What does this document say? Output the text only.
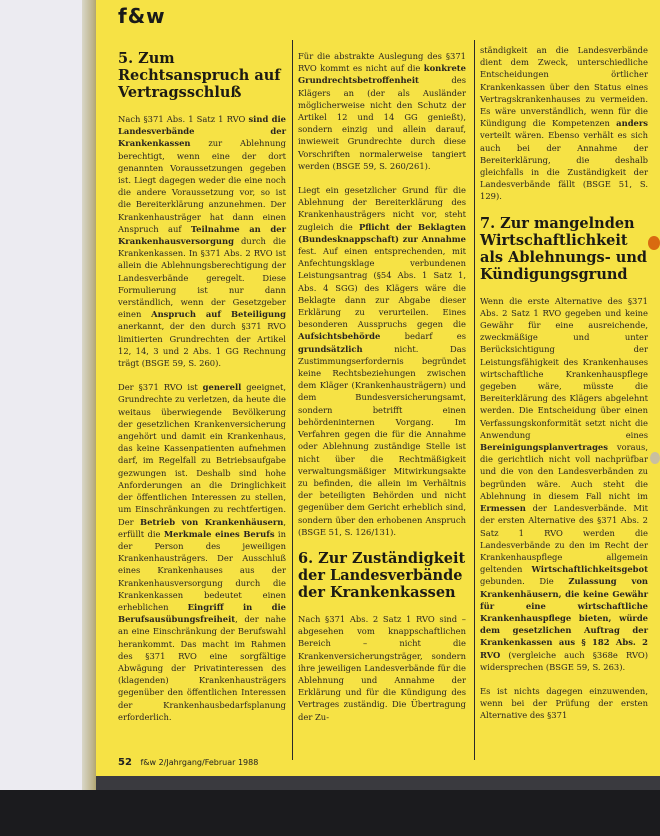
f&w
5. Zum Rechtsanspruch auf Vertragsschluß

Nach §371 Abs. 1 Satz 1 RVO sind die Landesverbände der Krankenkassen zur Ablehnung berechtigt, wenn eine der dort genannten Voraussetzungen gegeben ist. Liegt dagegen weder die eine noch die andere Voraussetzung vor, so ist die Bereiterklärung anzunehmen. Der Krankenhausträger hat dann einen Anspruch auf Teilnahme an der Krankenhausversorgung durch die Krankenkassen. In §371 Abs. 2 RVO ist allein die Ablehnungsberechtigung der Landesverbände geregelt. Diese Formulierung ist nur dann verständlich, wenn der Gesetzgeber einen Anspruch auf Beteiligung anerkannt, der den durch §371 RVO limitierten Grundrechten der Artikel 12, 14, 3 und 2 Abs. 1 GG Rechnung trägt (BSGE 59, S. 260).

Der §371 RVO ist generell geeignet, Grundrechte zu verletzen, da heute die weitaus überwiegende Bevölkerung der gesetzlichen Krankenversicherung angehört und damit ein Krankenhaus, das keine Kassenpatienten aufnehmen darf, im Regelfall zu Betriebsaufgabe gezwungen ist. Deshalb sind hohe Anforderungen an die Dringlichkeit der öffentlichen Interessen zu stellen, um Einschränkungen zu rechtfertigen. Der Betrieb von Krankenhäusern, erfüllt die Merkmale eines Berufs in der Person des jeweiligen Krankenhausträgers. Der Ausschluß eines Krankenhauses aus der Krankenhausversorgung durch die Krankenkassen bedeutet einen erheblichen Eingriff in die Berufsausübungsfreiheit, der nahe an eine Einschränkung der Berufswahl herankommt. Das macht im Rahmen des §371 RVO eine sorgfältige Abwägung der Privatinteressen des (klagenden) Krankenhausträgers gegenüber den öffentlichen Interessen der Krankenhausbedarfsplanung erforderlich.

Für die abstrakte Auslegung des §371 RVO kommt es nicht auf die konkrete Grundrechtsbetroffenheit des Klägers an (der als Ausländer möglicherweise nicht den Schutz der Artikel 12 und 14 GG genießt), sondern einzig und allein darauf, inwieweit Grundrechte durch diese Vorschriften normalerweise tangiert werden (BSGE 59, S. 260/261).

Liegt ein gesetzlicher Grund für die Ablehnung der Bereiterklärung des Krankenhausträgers nicht vor, steht zugleich die Pflicht der Beklagten (Bundesknappschaft) zur Annahme fest. Auf einen entsprechenden, mit Anfechtungsklage verbundenen Leistungsantrag (§54 Abs. 1 Satz 1, Abs. 4 SGG) des Klägers wäre die Beklagte dann zur Abgabe dieser Erklärung zu verurteilen. Eines besonderen Ausspruchs gegen die Aufsichtsbehörde bedarf es grundsätzlich nicht. Das Zustimmungserfordernis begründet keine Rechtsbeziehungen zwischen dem Kläger (Krankenhausträgern) und dem Bundesversicherungsamt, sondern betrifft einen behördeninternen Vorgang. Im Verfahren gegen die für die Annahme oder Ablehnung zuständige Stelle ist nicht über die Rechtmäßigkeit verwaltungsmäßiger Mitwirkungsakte zu befinden, die allein im Verhältnis der beteiligten Behörden und nicht gegenüber dem Gericht erheblich sind, sondern über den erhobenen Anspruch (BSGE 51, S. 126/131).

6. Zur Zuständigkeit der Landesverbände der Krankenkassen

Nach §371 Abs. 2 Satz 1 RVO sind – abgesehen vom knappschaftlichen Bereich – nicht die Krankenversicherungsträger, sondern ihre jeweiligen Landesverbände für die Ablehnung und Annahme der Erklärung und für die Kündigung des Vertrages zuständig. Die Übertragung der Zu-

ständigkeit an die Landesverbände dient dem Zweck, unterschiedliche Entscheidungen örtlicher Krankenkassen über den Status eines Vertragskrankenhauses zu vermeiden. Es wäre unverständlich, wenn für die Kündigung die Kompetenzen anders verteilt wären. Ebenso verhält es sich auch bei der Annahme der Bereiterklärung, die deshalb gleichfalls in die Zuständigkeit der Landesverbände fällt (BSGE 51, S. 129).

7. Zur mangelnden Wirtschaftlichkeit als Ablehnungs- und Kündigungsgrund

Wenn die erste Alternative des §371 Abs. 2 Satz 1 RVO gegeben und keine Gewähr für eine ausreichende, zweckmäßige und unter Berücksichtigung der Leistungsfähigkeit des Krankenhauses wirtschaftliche Krankenhauspflege gegeben wäre, müsste die Bereiterklärung des Klägers abgelehnt werden. Die Entscheidung über einen Verfassungskonformität setzt nicht die Anwendung eines Bereinigungsplanvertrages voraus, die gerichtlich nicht voll nachprüfbar und die von den Landesverbänden zu begründen wäre. Auch steht die Ablehnung in diesem Fall nicht im Ermessen der Landesverbände. Mit der ersten Alternative des §371 Abs. 2 Satz 1 RVO werden die Landesverbände zu den im Recht der Krankenhauspflege allgemein geltenden Wirtschaftlichkeitsgebot gebunden. Die Zulassung von Krankenhäusern, die keine Gewähr für eine wirtschaftliche Krankenhauspflege bieten, würde dem gesetzlichen Auftrag der Krankenkassen aus § 182 Abs. 2 RVO (vergleiche auch §368e RVO) widersprechen (BSGE 59, S. 263).

Es ist nichts dagegen einzuwenden, wenn bei der Prüfung der ersten Alternative des §371

52 f&w 2/Jahrgang/Februar 1988
